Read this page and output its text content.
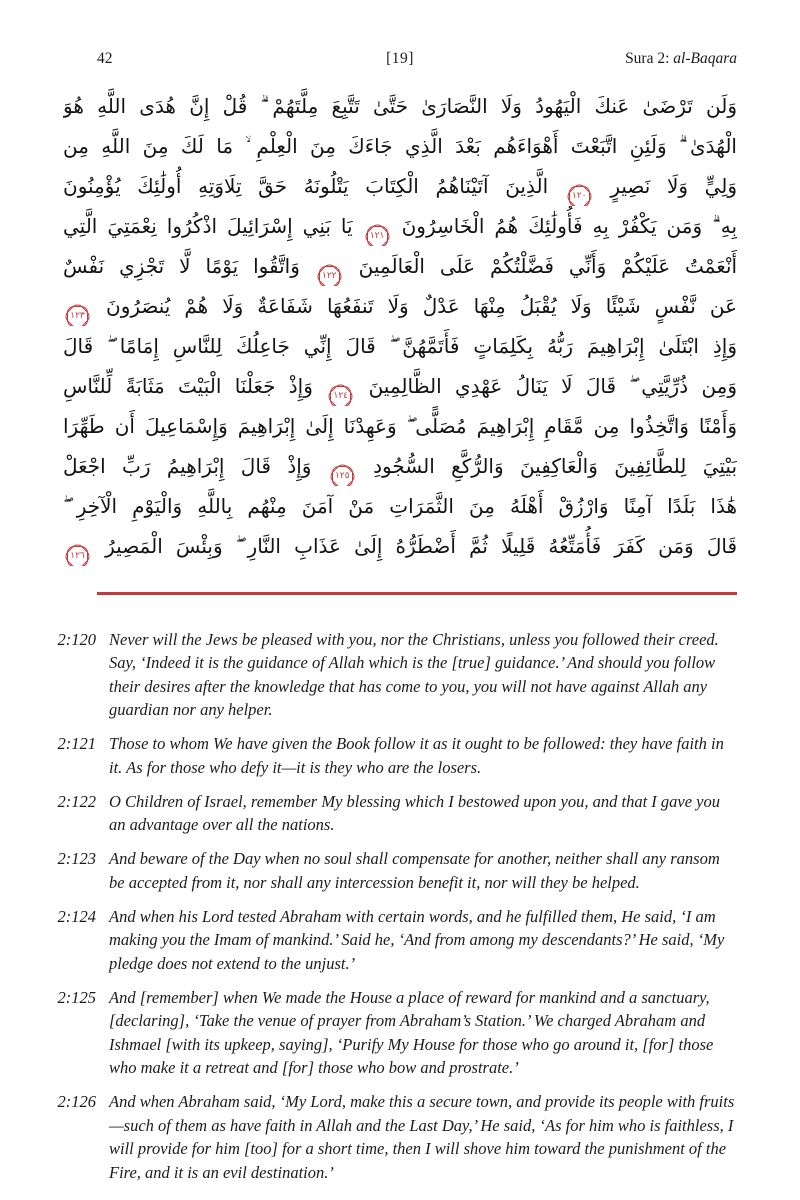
42	[19]	Sura 2: al-Baqara
وَلَن تَرْضَىٰ عَنكَ الْيَهُودُ وَلَا النَّصَارَىٰ حَتَّىٰ تَتَّبِعَ مِلَّتَهُمْ ۗ قُلْ إِنَّ هُدَى اللَّهِ هُوَ
الْهُدَىٰ ۗ وَلَئِنِ اتَّبَعْتَ أَهْوَاءَهُم بَعْدَ الَّذِي جَاءَكَ مِنَ الْعِلْمِ ۙ مَا لَكَ مِنَ اللَّهِ مِن
وَلِيٍّ وَلَا نَصِيرٍ
١٢٠
الَّذِينَ آتَيْنَاهُمُ الْكِتَابَ يَتْلُونَهُ حَقَّ تِلَاوَتِهِ أُولَٰئِكَ يُؤْمِنُونَ
بِهِ ۗ وَمَن يَكْفُرْ بِهِ فَأُولَٰئِكَ هُمُ الْخَاسِرُونَ
١٢١
يَا بَنِي إِسْرَائِيلَ اذْكُرُوا نِعْمَتِيَ الَّتِي
أَنْعَمْتُ عَلَيْكُمْ وَأَنِّي فَضَّلْتُكُمْ عَلَى الْعَالَمِينَ
١٢٢
وَاتَّقُوا يَوْمًا لَّا تَجْزِي نَفْسٌ
عَن نَّفْسٍ شَيْئًا وَلَا يُقْبَلُ مِنْهَا عَدْلٌ وَلَا تَنفَعُهَا شَفَاعَةٌ وَلَا هُمْ يُنصَرُونَ
١٢٣
وَإِذِ ابْتَلَىٰ إِبْرَاهِيمَ رَبُّهُ بِكَلِمَاتٍ فَأَتَمَّهُنَّ ۖ قَالَ إِنِّي جَاعِلُكَ لِلنَّاسِ إِمَامًا ۖ قَالَ
وَمِن ذُرِّيَّتِي ۖ قَالَ لَا يَنَالُ عَهْدِي الظَّالِمِينَ
١٢٤
وَإِذْ جَعَلْنَا الْبَيْتَ مَثَابَةً لِّلنَّاسِ
وَأَمْنًا وَاتَّخِذُوا مِن مَّقَامِ إِبْرَاهِيمَ مُصَلًّى ۖ وَعَهِدْنَا إِلَىٰ إِبْرَاهِيمَ وَإِسْمَاعِيلَ أَن طَهِّرَا
بَيْتِيَ لِلطَّائِفِينَ وَالْعَاكِفِينَ وَالرُّكَّعِ السُّجُودِ
١٢٥
وَإِذْ قَالَ إِبْرَاهِيمُ رَبِّ اجْعَلْ
هَٰذَا بَلَدًا آمِنًا وَارْزُقْ أَهْلَهُ مِنَ الثَّمَرَاتِ مَنْ آمَنَ مِنْهُم بِاللَّهِ وَالْيَوْمِ الْآخِرِ ۖ
قَالَ وَمَن كَفَرَ فَأُمَتِّعُهُ قَلِيلًا ثُمَّ أَضْطَرُّهُ إِلَىٰ عَذَابِ النَّارِ ۖ وَبِئْسَ الْمَصِيرُ
١٢٦
2:120 Never will the Jews be pleased with you, nor the Christians, unless you followed their creed. Say, ‘Indeed it is the guidance of Allah which is the [true] guidance.’ And should you follow their desires after the knowledge that has come to you, you will not have against Allah any guardian nor any helper.
2:121 Those to whom We have given the Book follow it as it ought to be followed: they have faith in it. As for those who defy it—it is they who are the losers.
2:122 O Children of Israel, remember My blessing which I bestowed upon you, and that I gave you an advantage over all the nations.
2:123 And beware of the Day when no soul shall compensate for another, neither shall any ransom be accepted from it, nor shall any intercession benefit it, nor will they be helped.
2:124 And when his Lord tested Abraham with certain words, and he fulfilled them, He said, ‘I am making you the Imam of mankind.’ Said he, ‘And from among my descendants?’ He said, ‘My pledge does not extend to the unjust.’
2:125 And [remember] when We made the House a place of reward for mankind and a sanctuary, [declaring], ‘Take the venue of prayer from Abraham’s Station.’ We charged Abraham and Ishmael [with its upkeep, saying], ‘Purify My House for those who go around it, [for] those who make it a retreat and [for] those who bow and prostrate.’
2:126 And when Abraham said, ‘My Lord, make this a secure town, and provide its people with fruits—such of them as have faith in Allah and the Last Day,’ He said, ‘As for him who is faithless, I will provide for him [too] for a short time, then I will shove him toward the punishment of the Fire, and it is an evil destination.’
